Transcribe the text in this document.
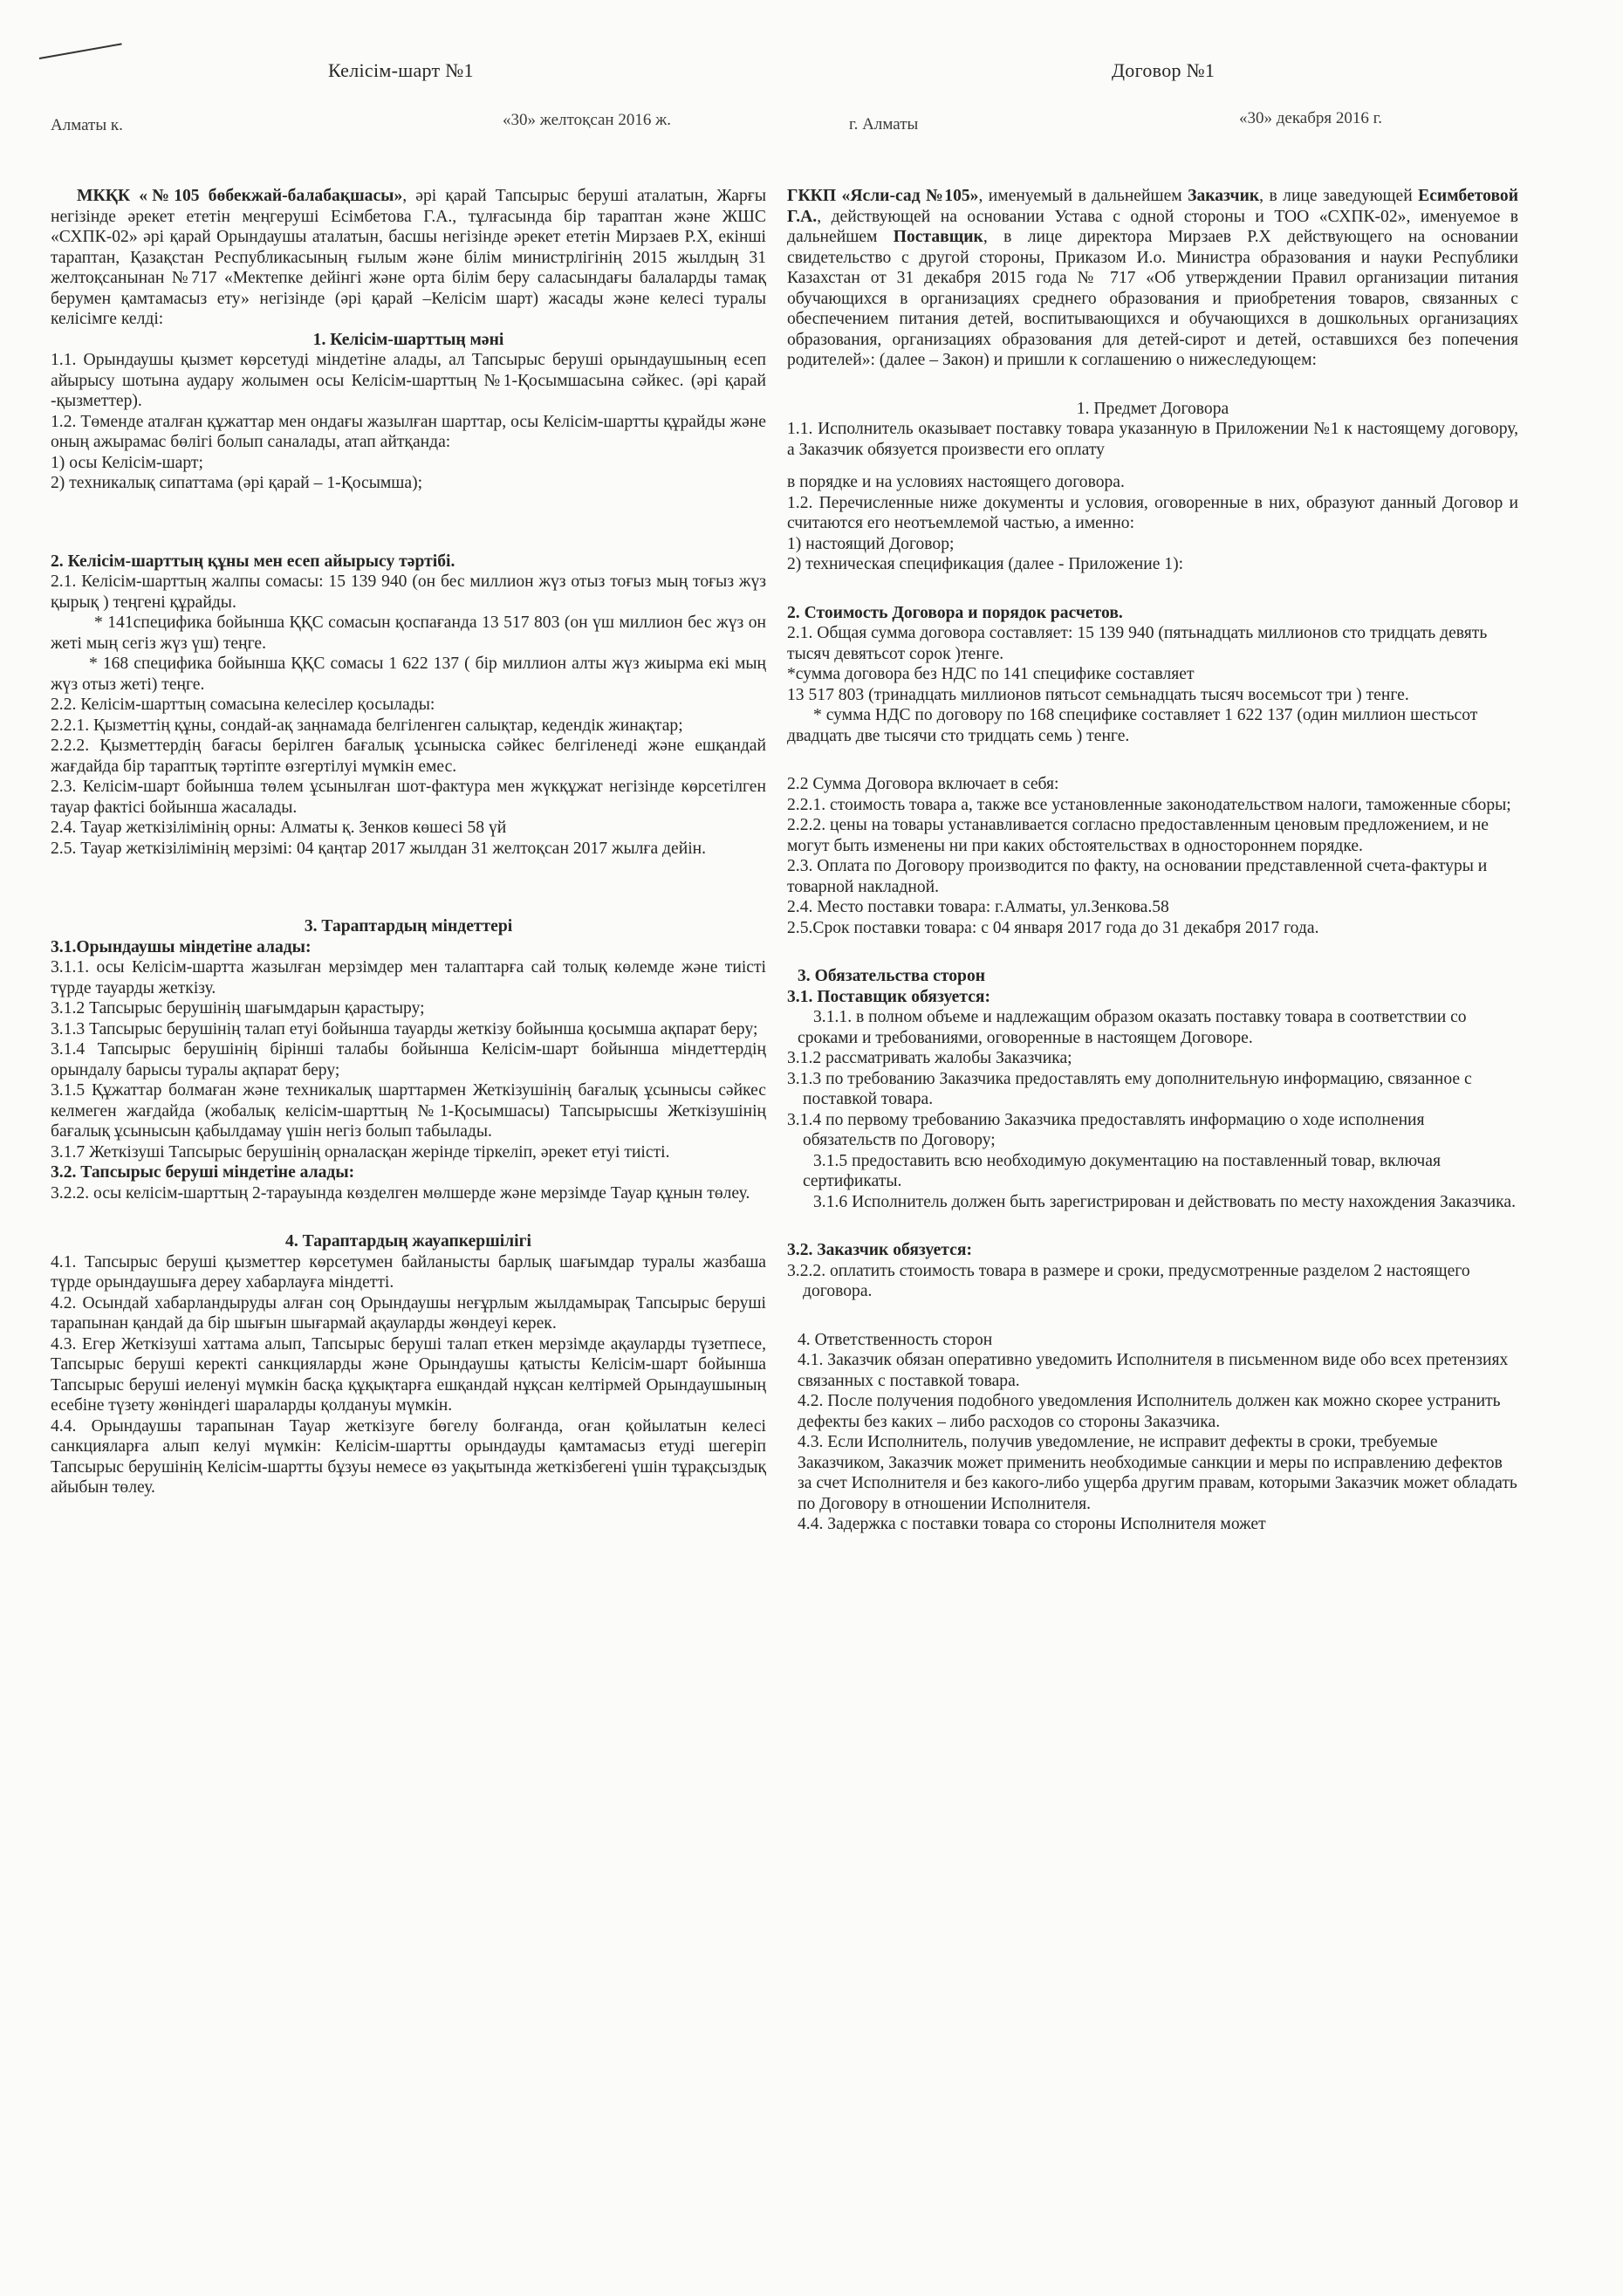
Келісім-шарт №1	Договор №1
Алматы к.	«30» желтоқсан 2016 ж.	г. Алматы	«30» декабря 2016 г.

МКҚК «№105 бөбекжай-балабақшасы», әрі қарай Тапсырыс беруші аталатын, Жарғы негізінде әрекет ететін меңгеруші Есімбетова Г.А., тұлғасында бір тараптан және ЖШС «СХПК-02» әрі қарай Орындаушы аталатын, басшы негізінде әрекет ететін Мирзаев Р.Х, екінші тараптан, Қазақстан Республикасының ғылым және білім министрлігінің 2015 жылдың 31 желтоқсанынан №717 «Мектепке дейінгі және орта білім беру саласындағы балаларды тамақ берумен қамтамасыз ету» негізінде (әрі қарай –Келісім шарт) жасады және келесі туралы келісімге келді:

1. Келісім-шарттың мәні

1.1. Орындаушы қызмет көрсетуді міндетіне алады, ал Тапсырыс беруші орындаушының есеп айырысу шотына аудару жолымен осы Келісім-шарттың №1-Қосымшасына сәйкес. (әрі қарай -қызметтер).

1.2. Төменде аталған құжаттар мен ондағы жазылған шарттар, осы Келісім-шартты құрайды және оның ажырамас бөлігі болып саналады, атап айтқанда:

1) осы Келісім-шарт;

2) техникалық сипаттама (әрі қарай – 1-Қосымша);

2. Келісім-шарттың құны мен есеп айырысу тәртібі.

2.1. Келісім-шарттың жалпы сомасы: 15 139 940 (он бес миллион жүз отыз тоғыз мың тоғыз жүз қырық ) теңгені құрайды.

* 141спецификa бойынша ҚҚС сомасын қоспағанда 13 517 803 (он үш миллион бес жүз он жеті мың сегіз жүз үш) теңге.

* 168 спецификa бойынша ҚҚС сомасы 1 622 137 ( бір миллион алты жүз жиырма екі мың жүз отыз жеті) теңге.

2.2. Келісім-шарттың сомасына келесілер қосылады:

2.2.1. Қызметтің құны, сондай-ақ заңнамада белгіленген салықтар, кедендік жинақтар;

2.2.2. Қызметтердің бағасы берілген бағалық ұсыныска сәйкес белгіленеді және ешқандай жағдайда бір тараптық тәртіпте өзгертілуі мүмкін емес.

2.3. Келісім-шарт бойынша төлем ұсынылған шот-фактура мен жүкқұжат негізінде көрсетілген тауар фактісі бойынша жасалады.

2.4. Тауар жеткізілімінің орны: Алматы қ. Зенков көшесі 58 үй

2.5. Тауар жеткізілімінің мерзімі: 04 қаңтар 2017 жылдан 31 желтоқсан 2017 жылға дейін.

3. Тараптардың міндеттері

3.1.Орындаушы міндетіне алады:

3.1.1. осы Келісім-шартта жазылған мерзімдер мен талаптарға сай толық көлемде және тиісті түрде тауарды жеткізу.

3.1.2 Тапсырыс берушінің шағымдарын қарастыру;

3.1.3 Тапсырыс берушінің талап етуі бойынша тауарды жеткізу бойынша қосымша ақпарат беру;

3.1.4 Тапсырыс берушінің бірінші талабы бойынша Келісім-шарт бойынша міндеттердің орындалу барысы туралы ақпарат беру;

3.1.5 Құжаттар болмаған және техникалық шарттармен Жеткізушінің бағалық ұсынысы сәйкес келмеген жағдайда (жобалық келісім-шарттың №1-Қосымшасы) Тапсырысшы Жеткізушінің бағалық ұсынысын қабылдамау үшін негіз болып табылады.

3.1.7 Жеткізуші Тапсырыс берушінің орналасқан жерінде тіркеліп, әрекет етуі тиісті.

3.2. Тапсырыс беруші міндетіне алады:

3.2.2. осы келісім-шарттың 2-тарауында көзделген мөлшерде және мерзімде Тауар құнын төлеу.

4. Тараптардың жауапкершілігі

4.1. Тапсырыс беруші қызметтер көрсетумен байланысты барлық шағымдар туралы жазбаша түрде орындаушыға дереу хабарлауға міндетті.

4.2. Осындай хабарландыруды алған соң Орындаушы неғұрлым жылдамырақ Тапсырыс беруші тарапынан қандай да бір шығын шығармай ақауларды жөндеуі керек.

4.3. Егер Жеткізуші хаттама алып, Тапсырыс беруші талап еткен мерзімде ақауларды түзетпесе, Тапсырыс беруші керекті санкцияларды және Орындаушы қатысты Келісім-шарт бойынша Тапсырыс беруші иеленуі мүмкін басқа құқықтарға ешқандай нұқсан келтірмей Орындаушының есебіне түзету жөніндегі шараларды қолдануы мүмкін.

4.4. Орындаушы тарапынан Тауар жеткізуге бөгелу болғанда, оған қойылатын келесі санкцияларға алып келуі мүмкін: Келісім-шартты орындауды қамтамасыз етуді шегеріп Тапсырыс берушінің Келісім-шартты бұзуы немесе өз уақытында жеткізбегені үшін тұрақсыздық айыбын төлеу.

ГККП «Ясли-сад №105», именуемый в дальнейшем Заказчик, в лице заведующей Есимбетовой Г.А., действующей на основании Устава с одной стороны и ТОО «СХПК-02», именуемое в дальнейшем Поставщик, в лице директора Мирзаев Р.Х действующего на основании свидетельство с другой стороны, Приказом И.о. Министра образования и науки Республики Казахстан от 31 декабря 2015 года № 717 «Об утверждении Правил организации питания обучающихся в организациях среднего образования и приобретения товаров, связанных с обеспечением питания детей, воспитывающихся и обучающихся в дошкольных организациях образования, организациях образования для детей-сирот и детей, оставшихся без попечения родителей»: (далее – Закон) и пришли к соглашению о нижеследующем:

1. Предмет Договора

1.1. Исполнитель оказывает поставку товара указанную в Приложении №1 к настоящему договору, а Заказчик обязуется произвести его оплату

в порядке и на условиях настоящего договора.

1.2. Перечисленные ниже документы и условия, оговоренные в них, образуют данный Договор и считаются его неотъемлемой частью, а именно:

1) настоящий Договор;

2) техническая спецификация (далее - Приложение 1):

2. Стоимость Договора и порядок расчетов.

2.1. Общая сумма договора составляет: 15 139 940 (пятьнадцать миллионов сто тридцать девять тысяч девятьсот сорок )тенге.

*сумма договора без НДС по 141 специфике составляет

13 517 803 (тринадцать миллионов пятьсот семьнадцать тысяч восемьсот три ) тенге.

* сумма НДС по договору по 168 специфике составляет 1 622 137 (один миллион шестьсот двадцать две тысячи сто тридцать семь ) тенге.

2.2 Сумма Договора включает в себя:

2.2.1. стоимость товара а, также все установленные законодательством налоги, таможенные сборы;

2.2.2. цены на товары устанавливается согласно предоставленным ценовым предложением, и не могут быть изменены ни при каких обстоятельствах в одностороннем порядке.

2.3. Оплата по Договору производится по факту, на основании представленной счета-фактуры и товарной накладной.

2.4. Место поставки товара: г.Алматы, ул.Зенкова.58

2.5.Срок поставки товара: с 04 января 2017 года до 31 декабря 2017 года.

3. Обязательства сторон

3.1. Поставщик обязуется:

3.1.1. в полном объеме и надлежащим образом оказать поставку товара в соответствии со сроками и требованиями, оговоренные в настоящем Договоре.

3.1.2 рассматривать жалобы Заказчика;

3.1.3 по требованию Заказчика предоставлять ему дополнительную информацию, связанное с поставкой товара.

3.1.4 по первому требованию Заказчика предоставлять информацию о ходе исполнения обязательств по Договору;

3.1.5 предоставить всю необходимую документацию на поставленный товар, включая сертификаты.

3.1.6 Исполнитель должен быть зарегистрирован и действовать по месту нахождения Заказчика.

3.2. Заказчик обязуется:

3.2.2. оплатить стоимость товара в размере и сроки, предусмотренные разделом 2 настоящего договора.

4. Ответственность сторон

4.1. Заказчик обязан оперативно уведомить Исполнителя в письменном виде обо всех претензиях связанных с поставкой товара.

4.2. После получения подобного уведомления Исполнитель должен как можно скорее устранить дефекты без каких – либо расходов со стороны Заказчика.

4.3. Если Исполнитель, получив уведомление, не исправит дефекты в сроки, требуемые Заказчиком, Заказчик может применить необходимые санкции и меры по исправлению дефектов за счет Исполнителя и без какого-либо ущерба другим правам, которыми Заказчик может обладать по Договору в отношении Исполнителя.

4.4. Задержка с поставки товара со стороны Исполнителя может
